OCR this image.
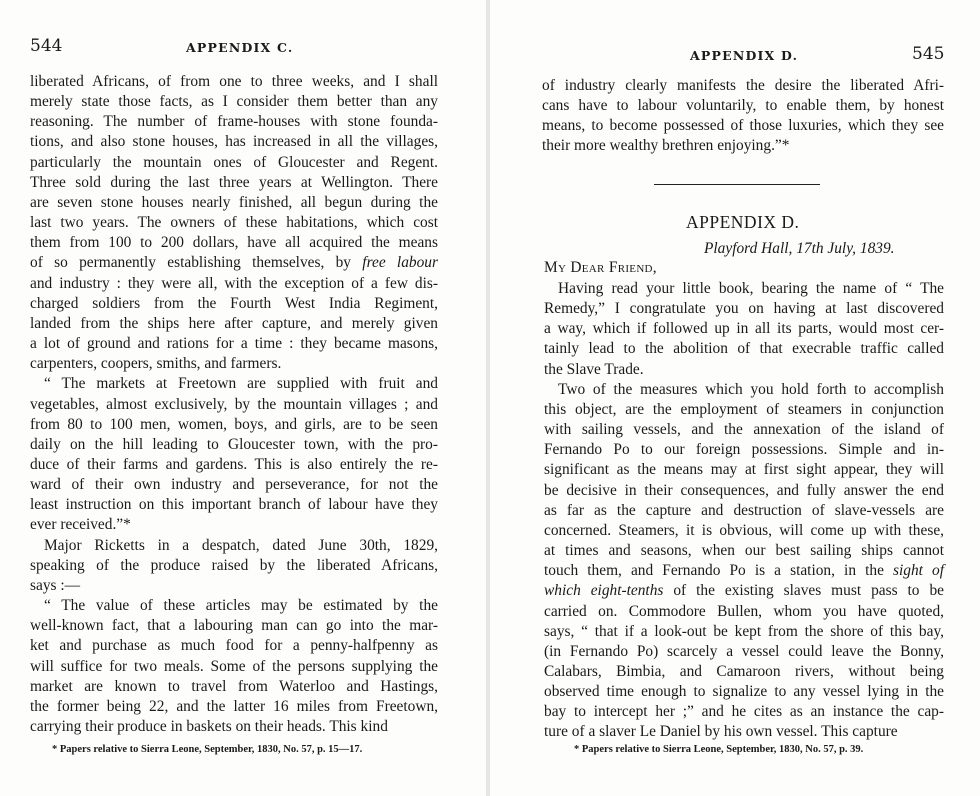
544	APPENDIX C.
liberated Africans, of from one to three weeks, and I shall
merely state those facts, as I consider them better than any
reasoning. The number of frame-houses with stone founda-
tions, and also stone houses, has increased in all the villages,
particularly the mountain ones of Gloucester and Regent.
Three sold during the last three years at Wellington. There
are seven stone houses nearly finished, all begun during the
last two years. The owners of these habitations, which cost
them from 100 to 200 dollars, have all acquired the means
of so permanently establishing themselves, by free labour
and industry : they were all, with the exception of a few dis-
charged soldiers from the Fourth West India Regiment,
landed from the ships here after capture, and merely given
a lot of ground and rations for a time : they became masons,
carpenters, coopers, smiths, and farmers.
“ The markets at Freetown are supplied with fruit and
vegetables, almost exclusively, by the mountain villages ; and
from 80 to 100 men, women, boys, and girls, are to be seen
daily on the hill leading to Gloucester town, with the pro-
duce of their farms and gardens. This is also entirely the re-
ward of their own industry and perseverance, for not the
least instruction on this important branch of labour have they
ever received.”*
Major Ricketts in a despatch, dated June 30th, 1829,
speaking of the produce raised by the liberated Africans,
says :—
“ The value of these articles may be estimated by the
well-known fact, that a labouring man can go into the mar-
ket and purchase as much food for a penny-halfpenny as
will suffice for two meals. Some of the persons supplying the
market are known to travel from Waterloo and Hastings,
the former being 22, and the latter 16 miles from Freetown,
carrying their produce in baskets on their heads. This kind
* Papers relative to Sierra Leone, September, 1830, No. 57, p. 15—17.
APPENDIX D.	545
of industry clearly manifests the desire the liberated Afri-
cans have to labour voluntarily, to enable them, by honest
means, to become possessed of those luxuries, which they see
their more wealthy brethren enjoying.”*
APPENDIX D.
Playford Hall, 17th July, 1839.
My Dear Friend,
Having read your little book, bearing the name of “ The
Remedy,” I congratulate you on having at last discovered
a way, which if followed up in all its parts, would most cer-
tainly lead to the abolition of that execrable traffic called
the Slave Trade.
Two of the measures which you hold forth to accomplish
this object, are the employment of steamers in conjunction
with sailing vessels, and the annexation of the island of
Fernando Po to our foreign possessions. Simple and in-
significant as the means may at first sight appear, they will
be decisive in their consequences, and fully answer the end
as far as the capture and destruction of slave-vessels are
concerned. Steamers, it is obvious, will come up with these,
at times and seasons, when our best sailing ships cannot
touch them, and Fernando Po is a station, in the sight of
which eight-tenths of the existing slaves must pass to be
carried on. Commodore Bullen, whom you have quoted,
says, “ that if a look-out be kept from the shore of this bay,
(in Fernando Po) scarcely a vessel could leave the Bonny,
Calabars, Bimbia, and Camaroon rivers, without being
observed time enough to signalize to any vessel lying in the
bay to intercept her ;” and he cites as an instance the cap-
ture of a slaver Le Daniel by his own vessel. This capture
* Papers relative to Sierra Leone, September, 1830, No. 57, p. 39.
